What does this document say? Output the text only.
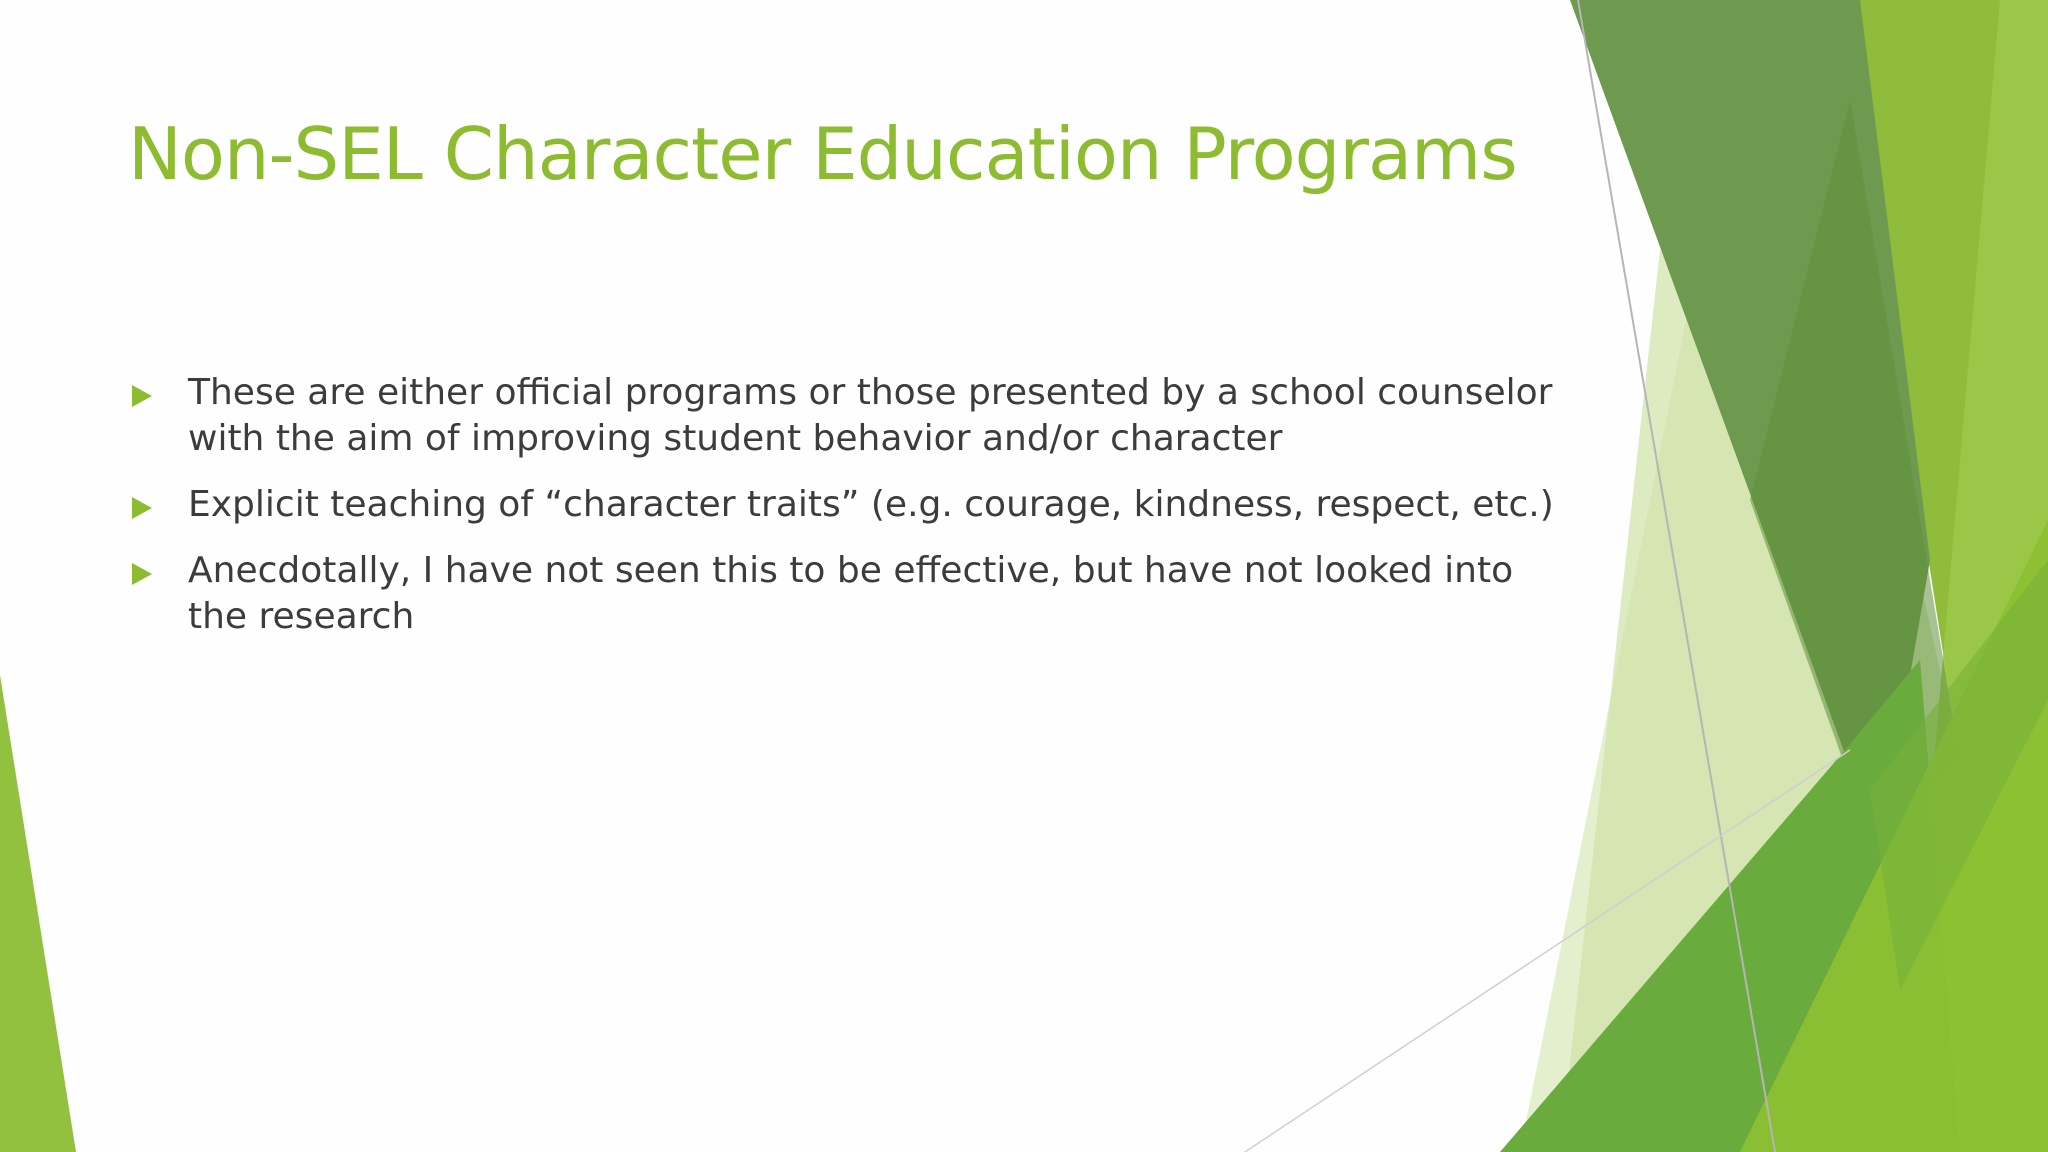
Non-SEL Character Education Programs
These are either official programs or those presented by a school counselor with the aim of improving student behavior and/or character
Explicit teaching of “character traits” (e.g. courage, kindness, respect, etc.)
Anecdotally, I have not seen this to be effective, but have not looked into the research
